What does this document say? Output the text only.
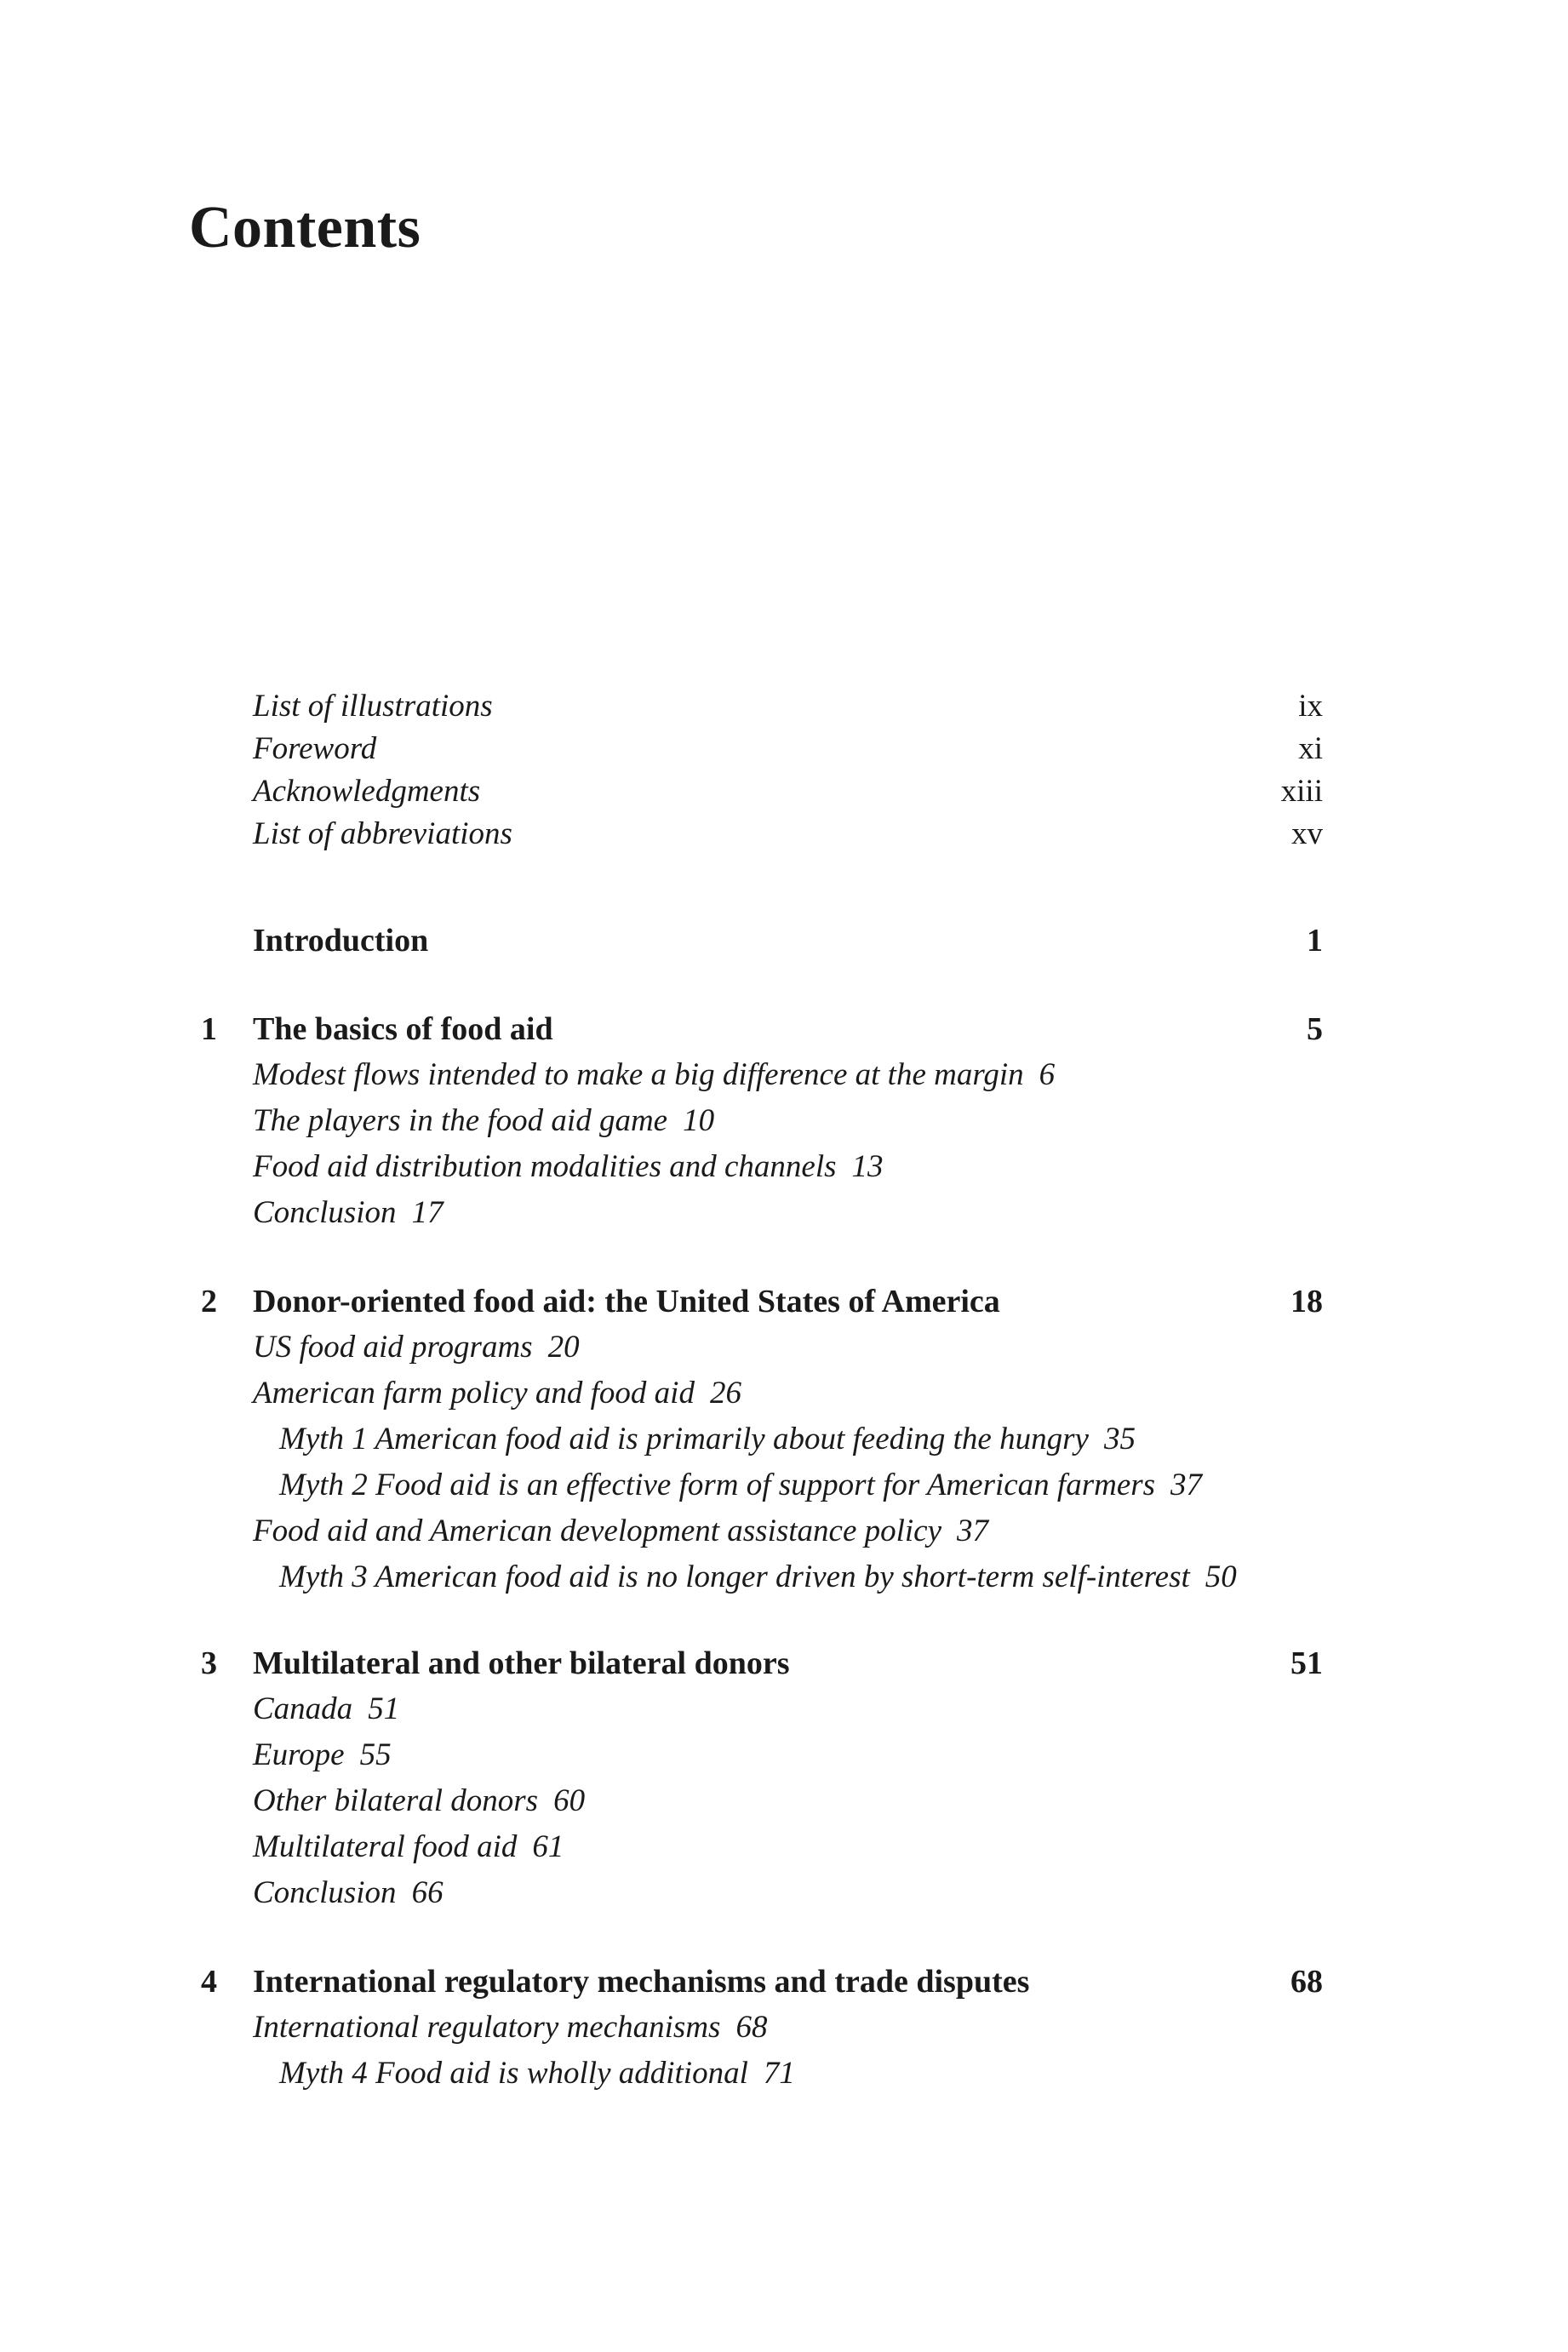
Contents
List of illustrations	ix
Foreword	xi
Acknowledgments	xiii
List of abbreviations	xv
Introduction	1
1	The basics of food aid	5
Modest flows intended to make a big difference at the margin 6
The players in the food aid game 10
Food aid distribution modalities and channels 13
Conclusion 17
2	Donor-oriented food aid: the United States of America	18
US food aid programs 20
American farm policy and food aid 26
Myth 1 American food aid is primarily about feeding the hungry 35
Myth 2 Food aid is an effective form of support for American farmers 37
Food aid and American development assistance policy 37
Myth 3 American food aid is no longer driven by short-term self-interest 50
3	Multilateral and other bilateral donors	51
Canada 51
Europe 55
Other bilateral donors 60
Multilateral food aid 61
Conclusion 66
4	International regulatory mechanisms and trade disputes	68
International regulatory mechanisms 68
Myth 4 Food aid is wholly additional 71
